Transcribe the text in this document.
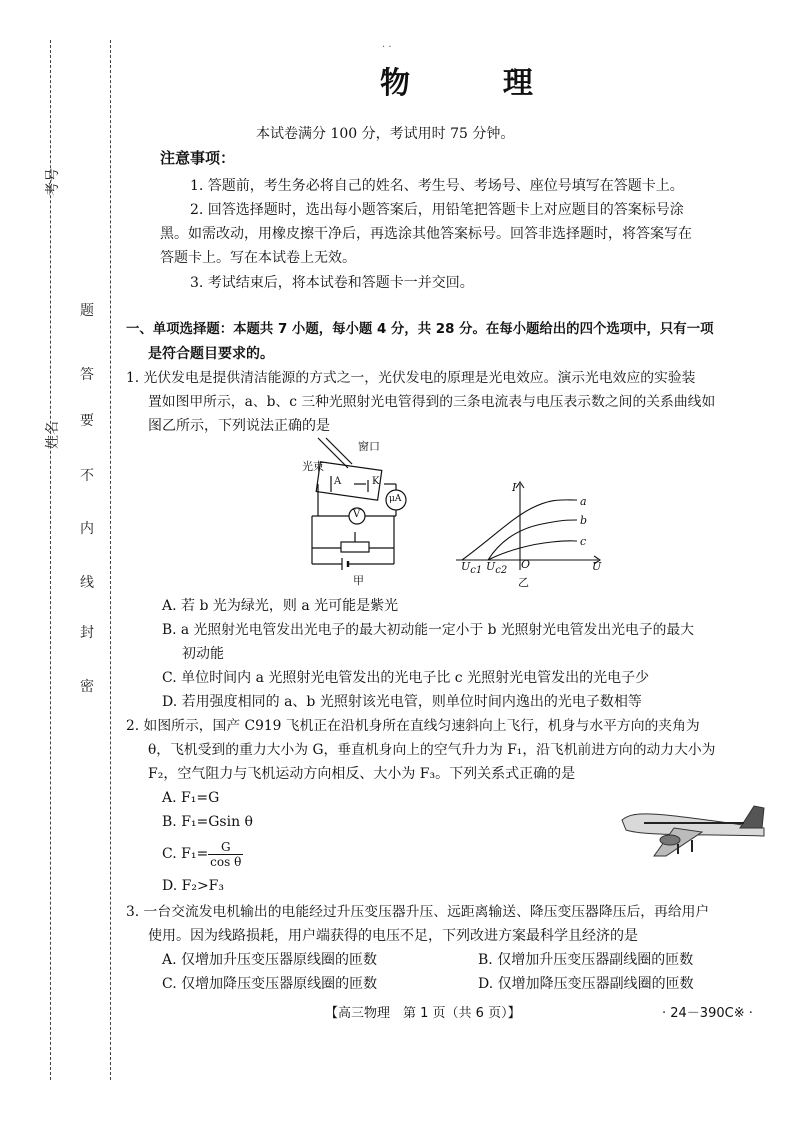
考号
姓名
题
答
要
不
内
线
封
密
· ·
物	理
本试卷满分 100 分，考试用时 75 分钟。
注意事项：
1. 答题前，考生务必将自己的姓名、考生号、考场号、座位号填写在答题卡上。
2. 回答选择题时，选出每小题答案后，用铅笔把答题卡上对应题目的答案标号涂
黑。如需改动，用橡皮擦干净后，再选涂其他答案标号。回答非选择题时，将答案写在
答题卡上。写在本试卷上无效。
3. 考试结束后，将本试卷和答题卡一并交回。
一、单项选择题：本题共 7 小题，每小题 4 分，共 28 分。在每小题给出的四个选项中，只有一项
是符合题目要求的。
1. 光伏发电是提供清洁能源的方式之一，光伏发电的原理是光电效应。演示光电效应的实验装
置如图甲所示，a、b、c 三种光照射光电管得到的三条电流表与电压表示数之间的关系曲线如
图乙所示，下列说法正确的是
窗口
光束
A	K
μA
V
甲
I
U
O
$U_{c1}$ $U_{c2}$
a
b
c
乙
A. 若 b 光为绿光，则 a 光可能是紫光
B. a 光照射光电管发出光电子的最大初动能一定小于 b 光照射光电管发出光电子的最大
初动能
C. 单位时间内 a 光照射光电管发出的光电子比 c 光照射光电管发出的光电子少
D. 若用强度相同的 a、b 光照射该光电管，则单位时间内逸出的光电子数相等
2. 如图所示，国产 C919 飞机正在沿机身所在直线匀速斜向上飞行，机身与水平方向的夹角为
θ，飞机受到的重力大小为 G，垂直机身向上的空气升力为 F₁，沿飞机前进方向的动力大小为
F₂，空气阻力与飞机运动方向相反、大小为 F₃。下列关系式正确的是
A. F₁=G
B. F₁=Gsin θ
C. $F_1= \frac{G}{\text{cos θ}}$
D. F₂>F₃
3. 一台交流发电机输出的电能经过升压变压器升压、远距离输送、降压变压器降压后，再给用户
使用。因为线路损耗，用户端获得的电压不足，下列改进方案最科学且经济的是
A. 仅增加升压变压器原线圈的匝数	B. 仅增加升压变压器副线圈的匝数
C. 仅增加降压变压器原线圈的匝数	D. 仅增加降压变压器副线圈的匝数
【高三物理　第 1 页（共 6 页）】	· 24－390C※ ·
